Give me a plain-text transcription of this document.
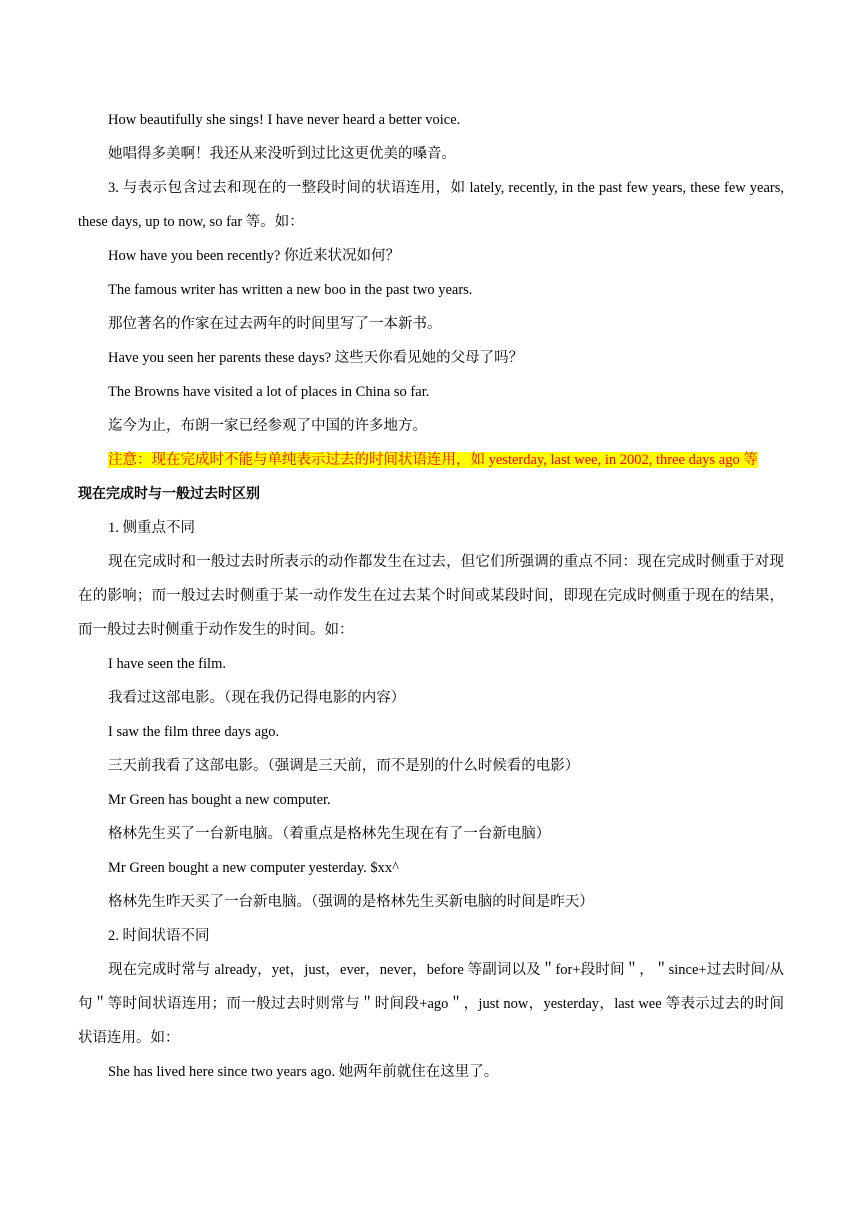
How beautifully she sings! I have never heard a better voice.

她唱得多美啊！我还从来没听到过比这更优美的嗓音。

3. 与表示包含过去和现在的一整段时间的状语连用，如 lately, recently, in the past few years, these few years, these days, up to now, so far 等。如：

How have you been recently? 你近来状况如何？

The famous writer has written a new boo in the past two years.

那位著名的作家在过去两年的时间里写了一本新书。

Have you seen her parents these days? 这些天你看见她的父母了吗？

The Browns have visited a lot of places in China so far.

迄今为止，布朗一家已经参观了中国的许多地方。

注意：现在完成时不能与单纯表示过去的时间状语连用，如 yesterday, last wee, in 2002, three days ago 等

现在完成时与一般过去时区别

1. 侧重点不同

现在完成时和一般过去时所表示的动作都发生在过去，但它们所强调的重点不同：现在完成时侧重于对现在的影响；而一般过去时侧重于某一动作发生在过去某个时间或某段时间，即现在完成时侧重于现在的结果，而一般过去时侧重于动作发生的时间。如：

I have seen the film.

我看过这部电影。（现在我仍记得电影的内容）

I saw the film three days ago.

三天前我看了这部电影。（强调是三天前，而不是别的什么时候看的电影）

Mr Green has bought a new computer.

格林先生买了一台新电脑。（着重点是格林先生现在有了一台新电脑）

Mr Green bought a new computer yesterday. $xx^

格林先生昨天买了一台新电脑。（强调的是格林先生买新电脑的时间是昨天）

2. 时间状语不同

现在完成时常与 already，yet，just，ever，never，before 等副词以及＂for+段时间＂，＂since+过去时间/从句＂等时间状语连用；而一般过去时则常与＂时间段+ago＂，just now，yesterday，last wee 等表示过去的时间状语连用。如：

She has lived here since two years ago. 她两年前就住在这里了。
